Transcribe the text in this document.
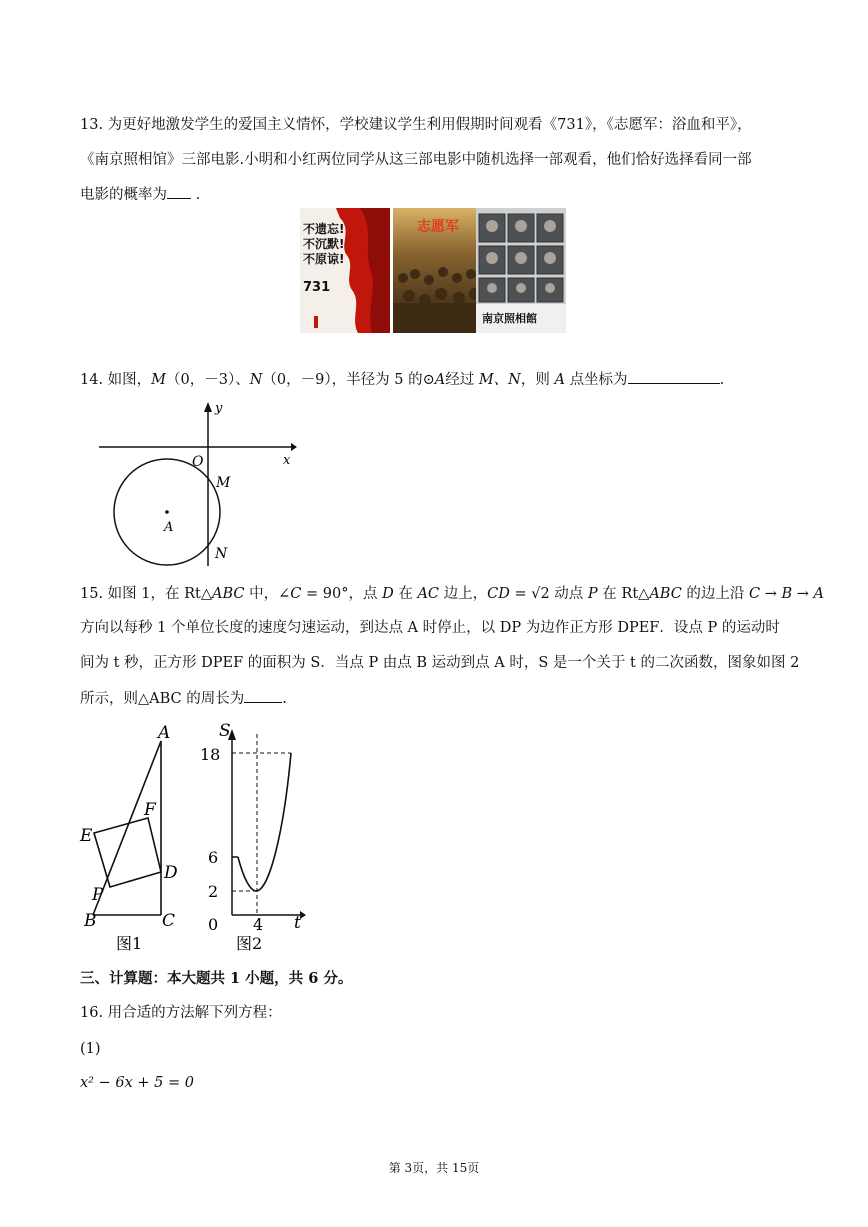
13. 为更好地激发学生的爱国主义情怀，学校建议学生利用假期时间观看《731》，《志愿军：浴血和平》，
《南京照相馆》三部电影.小明和小红两位同学从这三部电影中随机选择一部观看，他们恰好选择看同一部
电影的概率为 .
不遗忘!
不沉默!
不原谅!
731
志愿军
南京照相館
14. 如图，M（0，－3）、N（0，－9），半径为 5 的⊙A经过 M、N，则 A 点坐标为	.
y
x
O
M
A
N
15. 如图 1，在 Rt△ABC 中，∠C = 90°，点 D 在 AC 边上，CD = √2 动点 P 在 Rt△ABC 的边上沿 C → B → A
方向以每秒 1 个单位长度的速度匀速运动，到达点 A 时停止，以 DP 为边作正方形 DPEF．设点 P 的运动时
间为 t 秒，正方形 DPEF 的面积为 S．当点 P 由点 B 运动到点 A 时，S 是一个关于 t 的二次函数，图象如图 2
所示，则△ABC 的周长为	.
A
F
E
D
P
B	C
图1
S
18
6
2
0 4 t
图2
三、计算题：本大题共 1 小题，共 6 分。
16. 用合适的方法解下列方程：
(1)
x² − 6x + 5 = 0
第 3页，共 15页
